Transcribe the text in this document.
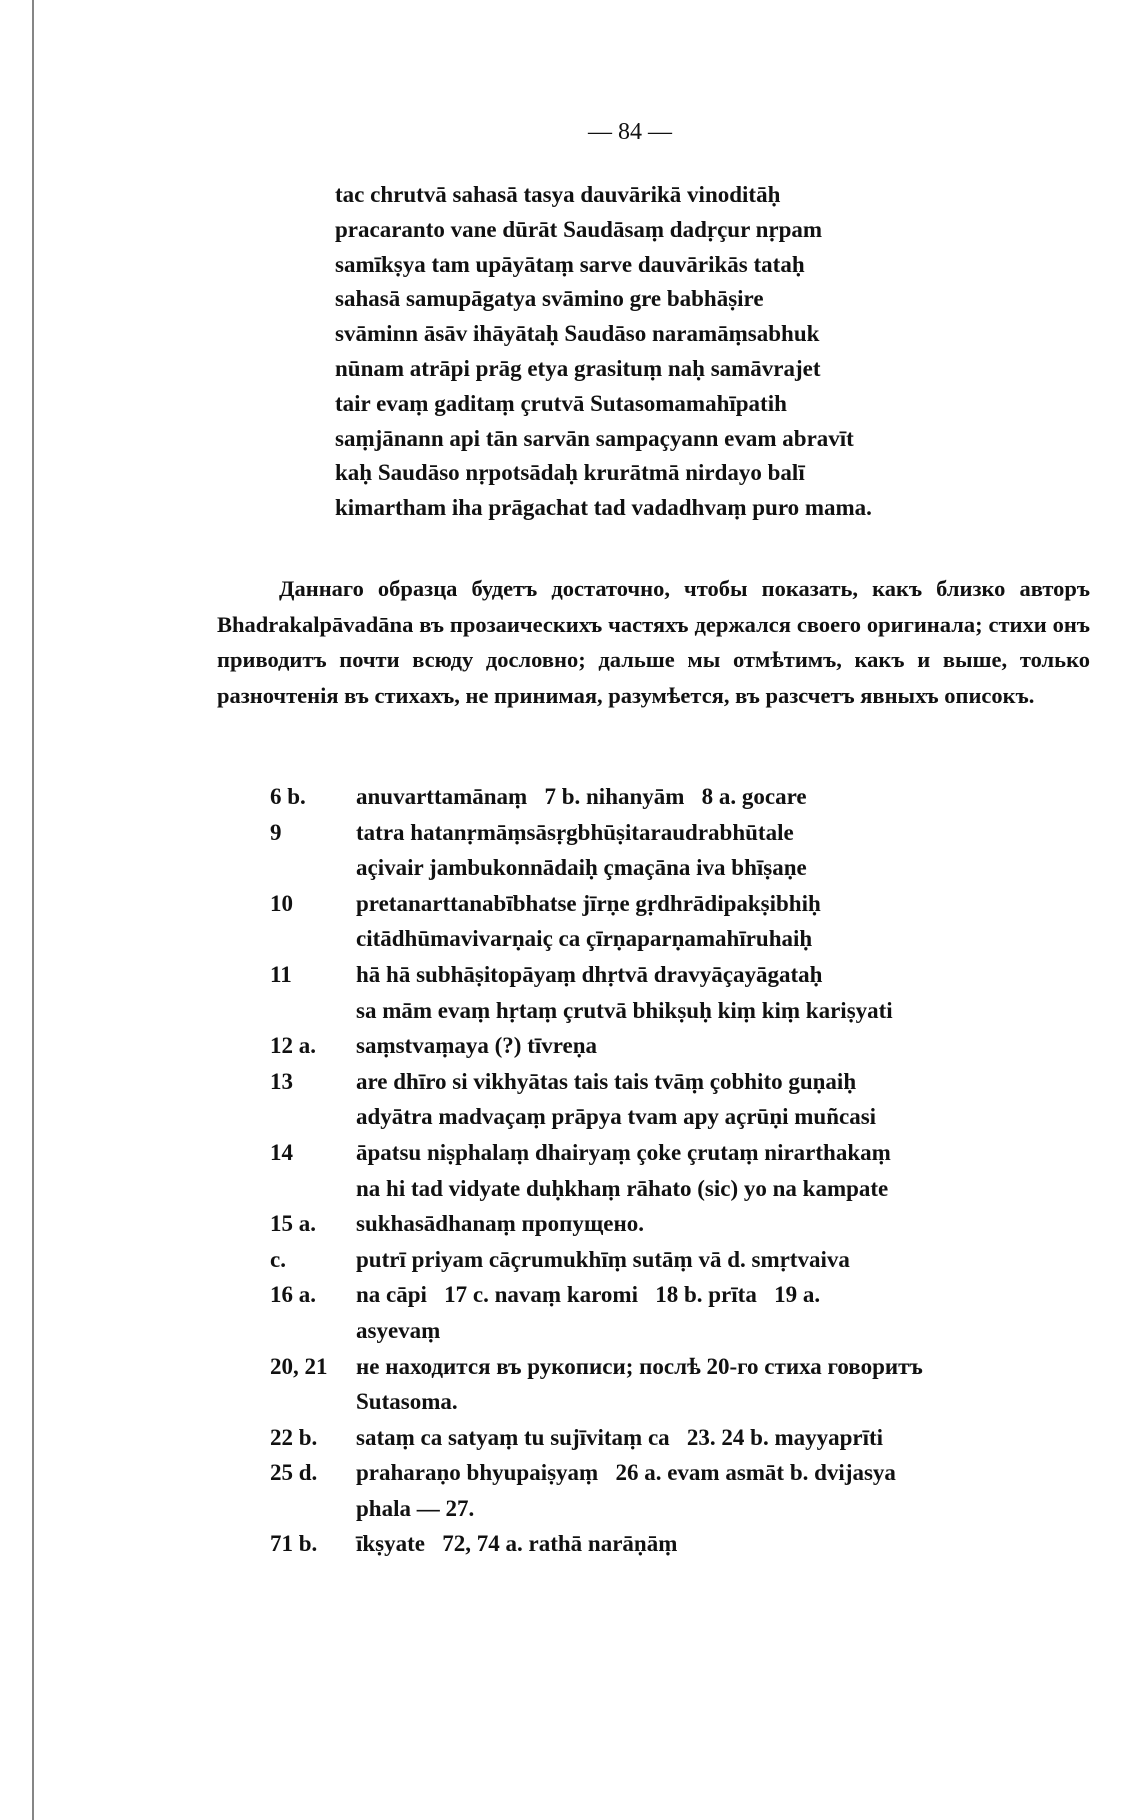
— 84 —
tac chrutvā sahasā tasya dauvārikā vinoditāḥ
pracaranto vane dūrāt Saudāsaṃ dadṛçur nṛpam
samīkṣya tam upāyātaṃ sarve dauvārikās tataḥ
sahasā samupāgatya svāmino gre babhāṣire
svāminn āsāv ihāyātaḥ Saudāso naramāṃsabhuk
nūnam atrāpi prāg etya grasituṃ naḥ samāvrajet
tair evaṃ gaditaṃ çrutvā Sutasomamahīpatih
saṃjānann api tān sarvān sampaçyann evam abravīt
kaḥ Saudāso nṛpotsādaḥ krurātmā nirdayo balī
kimartham iha prāgachat tad vadadhvaṃ puro mama.
Даннаго образца будетъ достаточно, чтобы показать, какъ близко авторъ Bhadrakalpāvadāna въ прозаическихъ частяхъ держался своего оригинала; стихи онъ приводитъ почти всюду дословно; дальше мы отмѣтимъ, какъ и выше, только разночтенія въ стихахъ, не принимая, разумѣется, въ разсчетъ явныхъ описокъ.
6 b.	anuvarttamānaṃ   7 b. nihanyām   8 a. gocare
9	tatra hatanṛmāṃsāsṛgbhūṣitaraudrabhūtale
açivair jambukonnādaiḥ çmaçāna iva bhīṣaṇe
10	pretanarttanabībhatse jīrṇe gṛdhrādipakṣibhiḥ
citādhūmavivarṇaiç ca çīrṇaparṇamahīruhaiḥ
11	hā hā subhāṣitopāyaṃ dhṛtvā dravyāçayāgataḥ
sa mām evaṃ hṛtaṃ çrutvā bhikṣuḥ kiṃ kiṃ kariṣyati
12 a.	saṃstvaṃaya (?) tīvreṇa
13	are dhīro si vikhyātas tais tais tvāṃ çobhito guṇaiḥ
adyātra madvaçaṃ prāpya tvam apy açrūṇi muñcasi
14	āpatsu niṣphalaṃ dhairyaṃ çoke çrutaṃ nirarthakaṃ
na hi tad vidyate duḥkhaṃ rāhato (sic) yo na kampate
15 a.	sukhasādhanaṃ пропущено.
c.	putrī priyam cāçrumukhīṃ sutāṃ vā d. smṛtvaiva
16 a.	na cāpi   17 c. navaṃ karomi   18 b. prīta   19 a.
asyevaṃ
20, 21	не находится въ рукописи; послѣ 20-го стиха говоритъ
Sutasoma.
22 b.	sataṃ ca satyaṃ tu sujīvitaṃ ca   23. 24 b. mayyaprīti
25 d.	praharaṇo bhyupaiṣyaṃ   26 a. evam asmāt b. dvijasya
phala — 27.
71 b.	īkṣyate   72, 74 a. rathā narāṇāṃ
